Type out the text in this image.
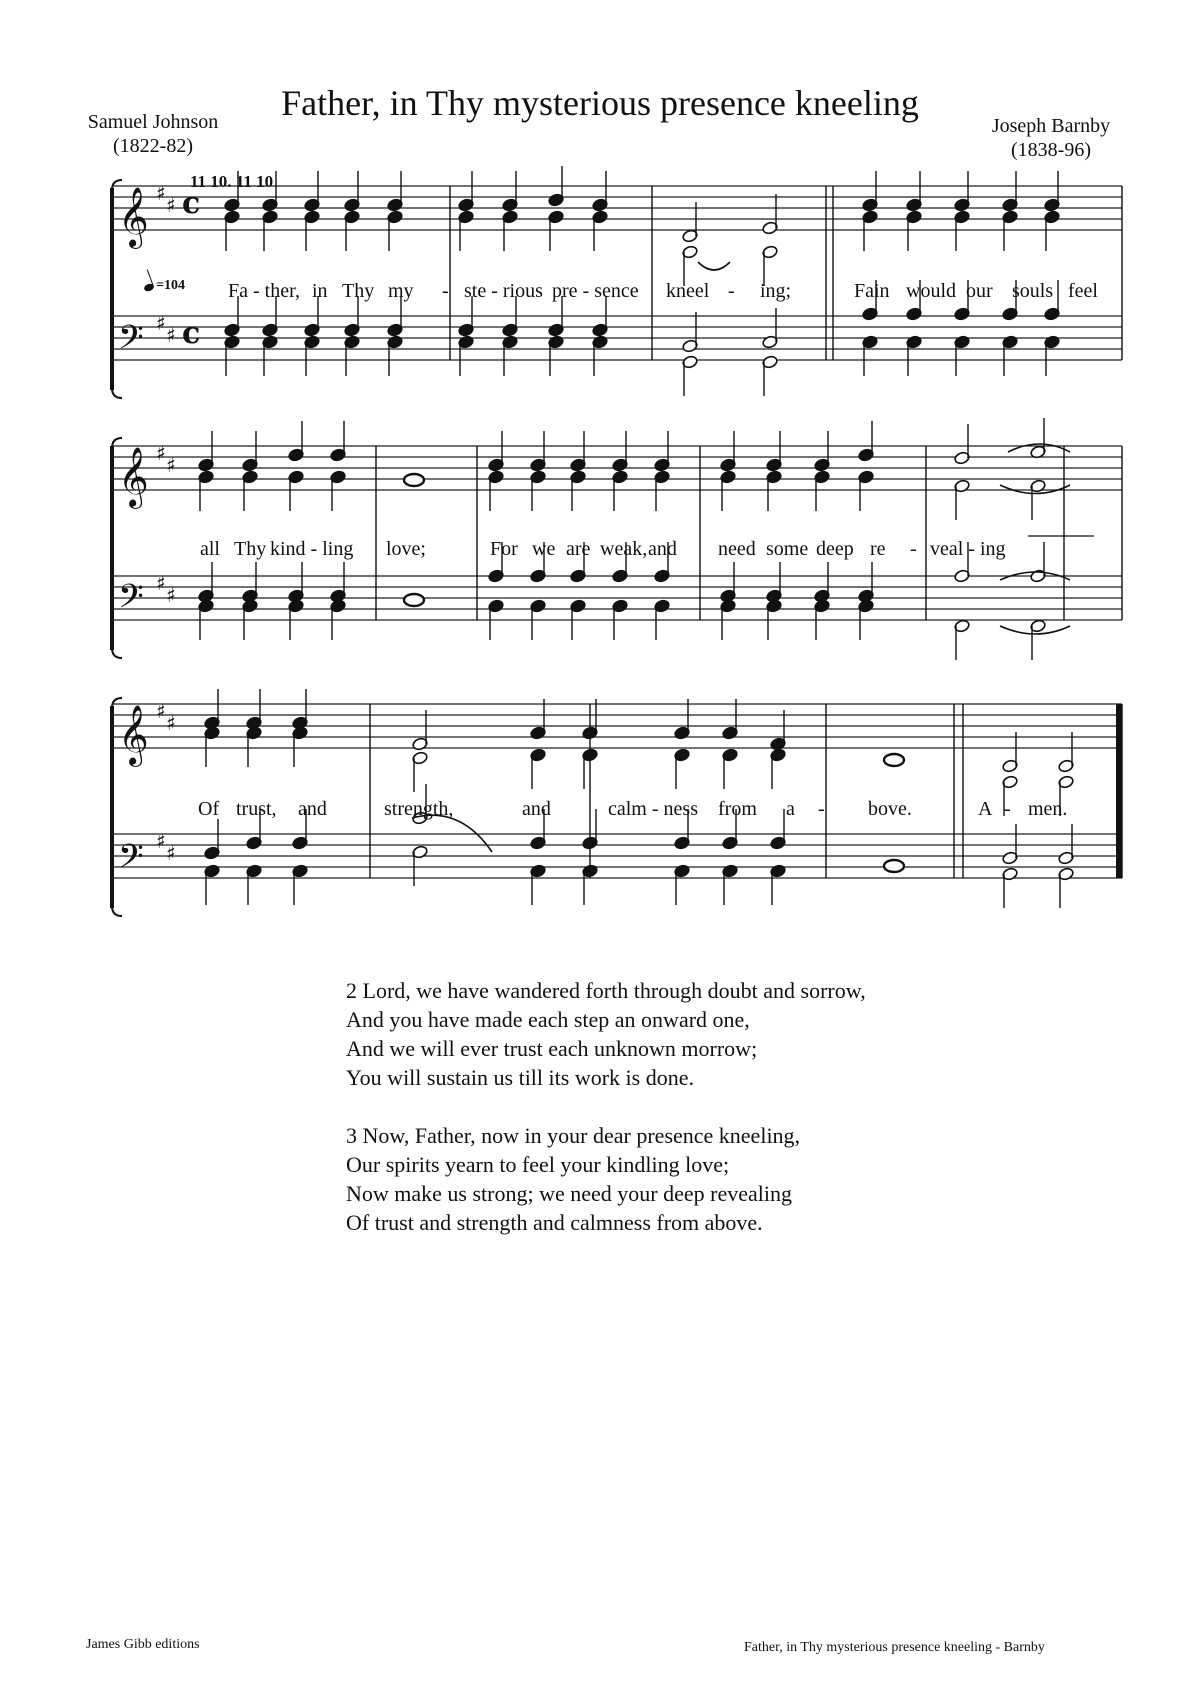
Father, in Thy mysterious presence kneeling
Samuel Johnson
(1822-82)
Joseph Barnby
(1838-96)
11 10. 11 10
=104
𝄞
𝄢
𝄞
𝄢
𝄞
𝄢
♯ ♯
♯ ♯
♯ ♯
♯ ♯
♯ ♯
♯ ♯
c
c
Fa - ther, in Thy my - ste - rious pre - sence kneel - ing;	Fain would our souls feel
all Thy kind - ling love;	For we are weak, and need some deep re - veal - ing
Of trust, and	strength,	and	calm - ness from a - bove.	A - men.
2 Lord, we have wandered forth through doubt and sorrow,
And you have made each step an onward one,
And we will ever trust each unknown morrow;
You will sustain us till its work is done.
3 Now, Father, now in your dear presence kneeling,
Our spirits yearn to feel your kindling love;
Now make us strong; we need your deep revealing
Of trust and strength and calmness from above.
James Gibb editions	Father, in Thy mysterious presence kneeling - Barnby
